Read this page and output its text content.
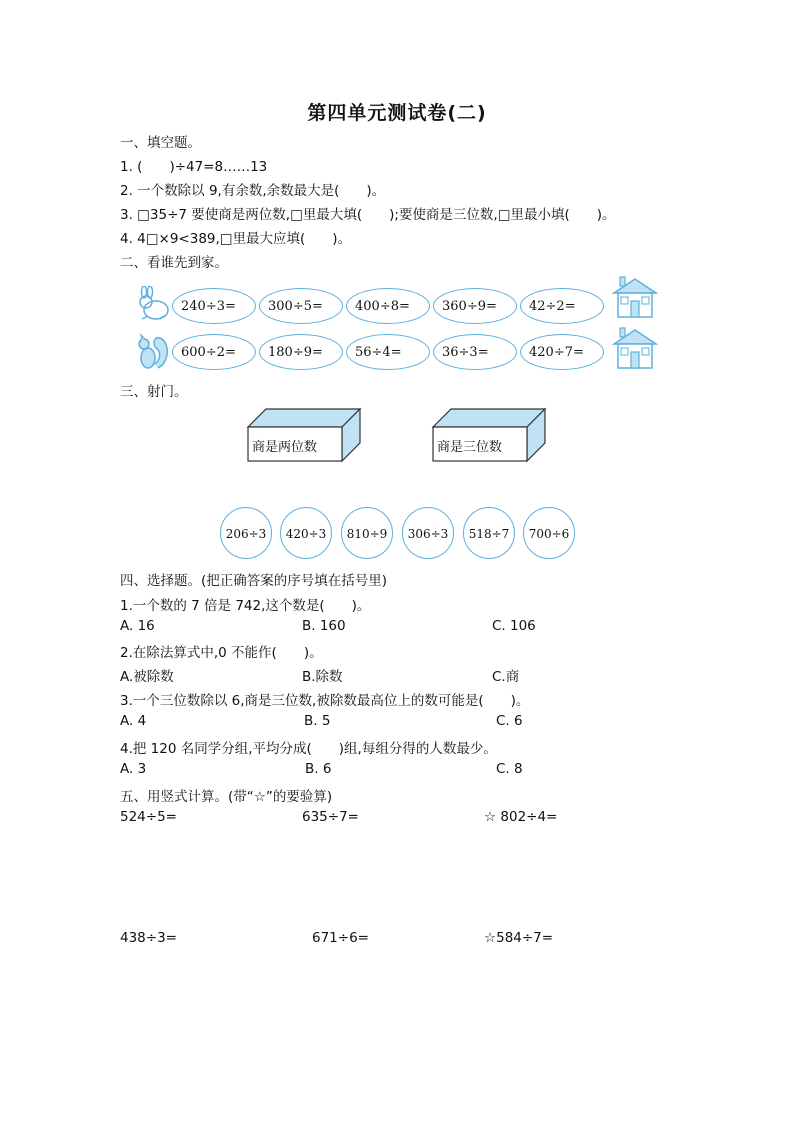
第四单元测试卷(二)
一、填空题。
1. (　　)÷47=8……13
2. 一个数除以 9,有余数,余数最大是(　　)。
3. □35÷7 要使商是两位数,□里最大填(　　);要使商是三位数,□里最小填(　　)。
4. 4□×9<389,□里最大应填(　　)。
二、看谁先到家。
240÷3=	300÷5=	400÷8=	360÷9=	42÷2=
600÷2=	180÷9=	56÷4=	36÷3=	420÷7=
三、射门。
商是两位数	商是三位数
206÷3	420÷3	810÷9	306÷3	518÷7	700÷6
四、选择题。(把正确答案的序号填在括号里)
1.一个数的 7 倍是 742,这个数是(　　)。
A. 16	B. 160	C. 106
2.在除法算式中,0 不能作(　　)。
A.被除数	B.除数	C.商
3.一个三位数除以 6,商是三位数,被除数最高位上的数可能是(　　)。
A. 4	B. 5	C. 6
4.把 120 名同学分组,平均分成(　　)组,每组分得的人数最少。
A. 3	B. 6	C. 8
五、用竖式计算。(带“☆”的要验算)
524÷5=	635÷7=	☆ 802÷4=
438÷3=	671÷6=	☆584÷7=
